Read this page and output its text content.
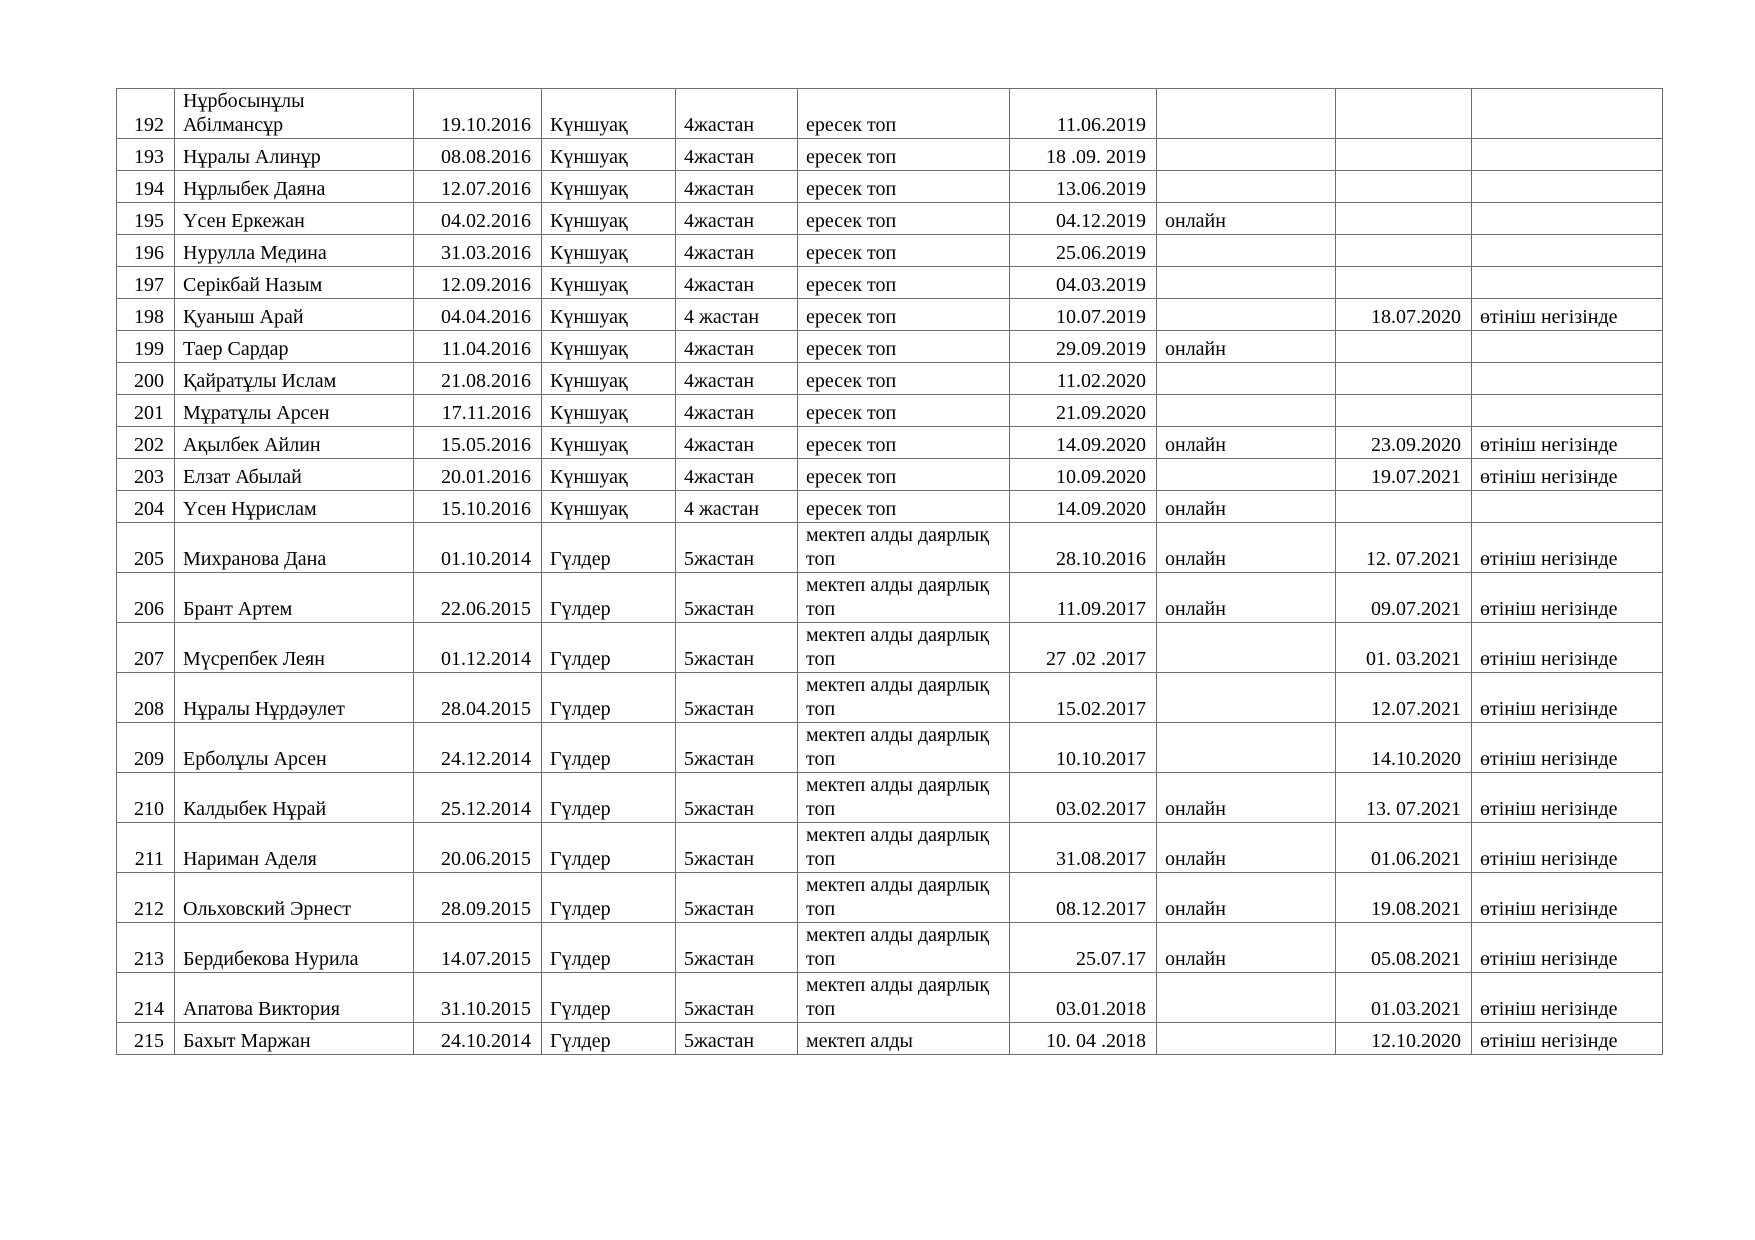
192	Нұрбосынұлы Абілмансұр	19.10.2016	Күншуақ	4жастан	ересек топ	11.06.2019			
193	Нұралы Алинұр	08.08.2016	Күншуақ	4жастан	ересек топ	18 .09. 2019			
194	Нұрлыбек Даяна	12.07.2016	Күншуақ	4жастан	ересек топ	13.06.2019			
195	Үсен Еркежан	04.02.2016	Күншуақ	4жастан	ересек топ	04.12.2019	онлайн		
196	Нурулла Медина	31.03.2016	Күншуақ	4жастан	ересек топ	25.06.2019			
197	Серікбай Назым	12.09.2016	Күншуақ	4жастан	ересек топ	04.03.2019			
198	Қуаныш Арай	04.04.2016	Күншуақ	4 жастан	ересек топ	10.07.2019		18.07.2020	өтініш негізінде
199	Таер Сардар	11.04.2016	Күншуақ	4жастан	ересек топ	29.09.2019	онлайн		
200	Қайратұлы Ислам	21.08.2016	Күншуақ	4жастан	ересек топ	11.02.2020			
201	Мұратұлы Арсен	17.11.2016	Күншуақ	4жастан	ересек топ	21.09.2020			
202	Ақылбек Айлин	15.05.2016	Күншуақ	4жастан	ересек топ	14.09.2020	онлайн	23.09.2020	өтініш негізінде
203	Елзат Абылай	20.01.2016	Күншуақ	4жастан	ересек топ	10.09.2020		19.07.2021	өтініш негізінде
204	Үсен Нұрислам	15.10.2016	Күншуақ	4 жастан	ересек топ	14.09.2020	онлайн		
205	Михранова Дана	01.10.2014	Гүлдер	5жастан	мектеп алды даярлық топ	28.10.2016	онлайн	12. 07.2021	өтініш негізінде
206	Брант Артем	22.06.2015	Гүлдер	5жастан	мектеп алды даярлық топ	11.09.2017	онлайн	09.07.2021	өтініш негізінде
207	Мүсрепбек Леян	01.12.2014	Гүлдер	5жастан	мектеп алды даярлық топ	27 .02 .2017		01. 03.2021	өтініш негізінде
208	Нұралы Нұрдәулет	28.04.2015	Гүлдер	5жастан	мектеп алды даярлық топ	15.02.2017		12.07.2021	өтініш негізінде
209	Ерболұлы Арсен	24.12.2014	Гүлдер	5жастан	мектеп алды даярлық топ	10.10.2017		14.10.2020	өтініш негізінде
210	Калдыбек Нұрай	25.12.2014	Гүлдер	5жастан	мектеп алды даярлық топ	03.02.2017	онлайн	13. 07.2021	өтініш негізінде
211	Нариман Аделя	20.06.2015	Гүлдер	5жастан	мектеп алды даярлық топ	31.08.2017	онлайн	01.06.2021	өтініш негізінде
212	Ольховский Эрнест	28.09.2015	Гүлдер	5жастан	мектеп алды даярлық топ	08.12.2017	онлайн	19.08.2021	өтініш негізінде
213	Бердибекова Нурила	14.07.2015	Гүлдер	5жастан	мектеп алды даярлық топ	25.07.17	онлайн	05.08.2021	өтініш негізінде
214	Апатова Виктория	31.10.2015	Гүлдер	5жастан	мектеп алды даярлық топ	03.01.2018		01.03.2021	өтініш негізінде
215	Бахыт Маржан	24.10.2014	Гүлдер	5жастан	мектеп алды	10. 04 .2018		12.10.2020	өтініш негізінде
